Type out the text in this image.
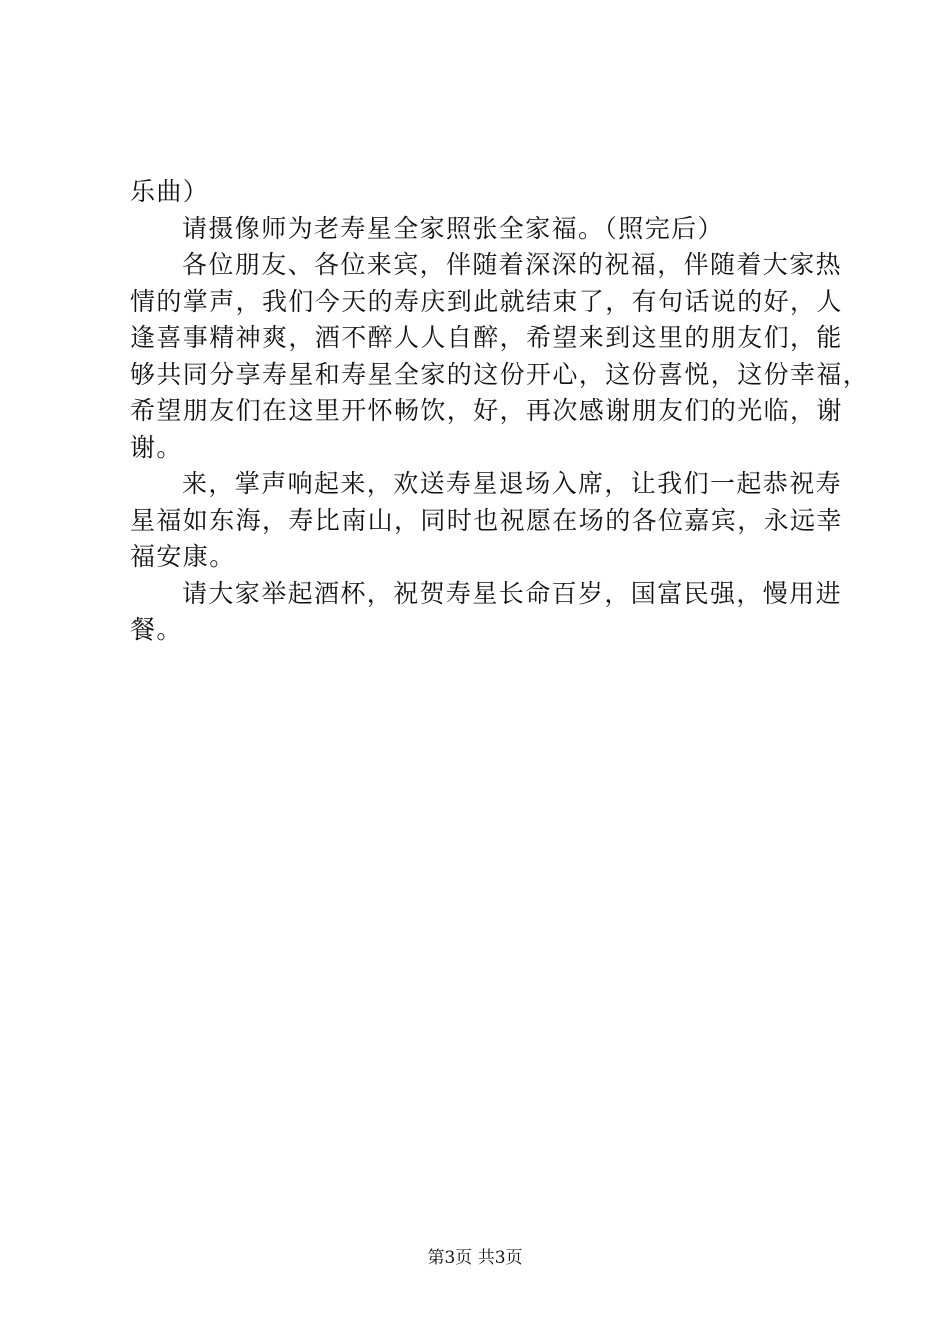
乐曲）
请摄像师为老寿星全家照张全家福。（照完后）
各位朋友、各位来宾，伴随着深深的祝福，伴随着大家热
情的掌声，我们今天的寿庆到此就结束了，有句话说的好，人
逢喜事精神爽，酒不醉人人自醉，希望来到这里的朋友们，能
够共同分享寿星和寿星全家的这份开心，这份喜悦，这份幸福，
希望朋友们在这里开怀畅饮，好，再次感谢朋友们的光临，谢
谢。
来，掌声响起来，欢送寿星退场入席，让我们一起恭祝寿
星福如东海，寿比南山，同时也祝愿在场的各位嘉宾，永远幸
福安康。
请大家举起酒杯，祝贺寿星长命百岁，国富民强，慢用进
餐。
第3页 共3页
